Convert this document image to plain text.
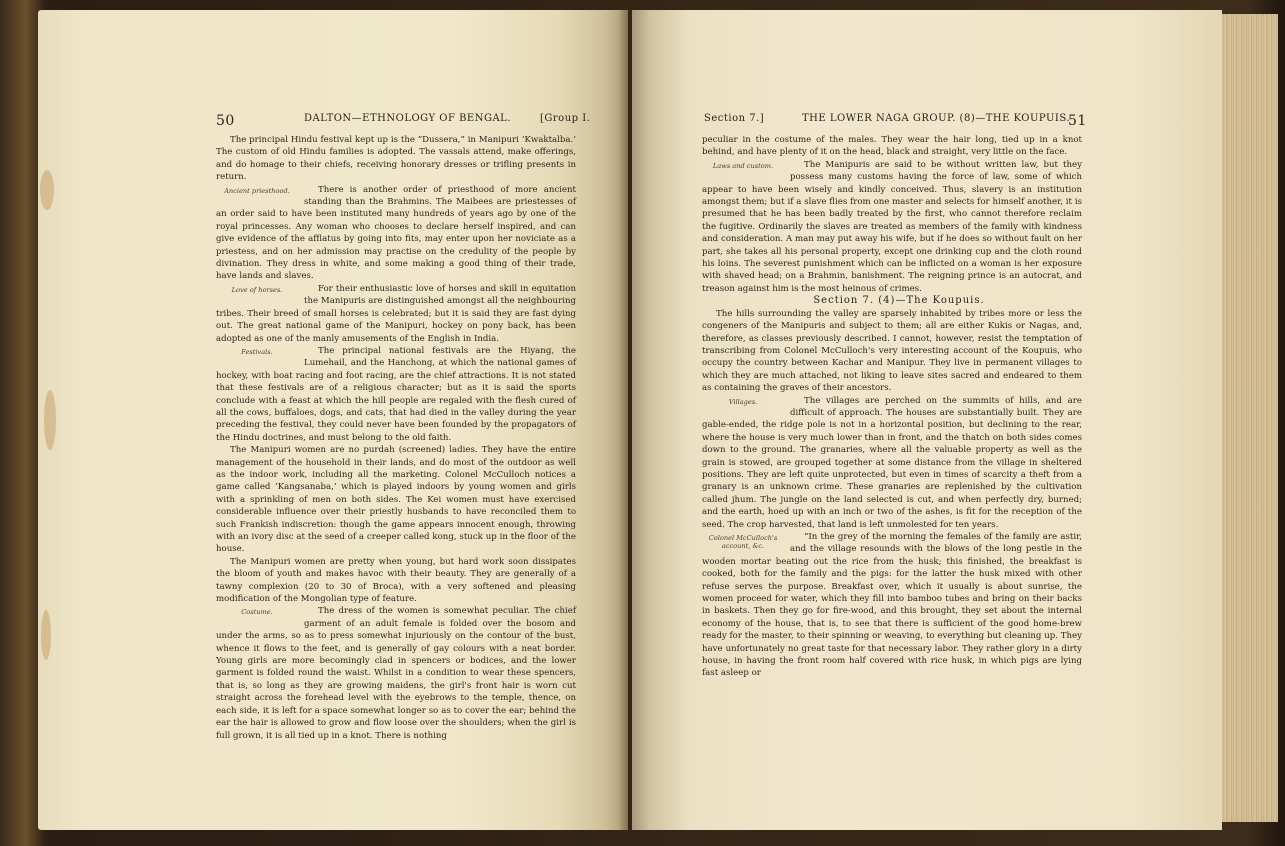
50	DALTON—ETHNOLOGY OF BENGAL.	[Group I.

The principal Hindu festival kept up is the “Dussera,” in Manipuri ‘Kwaktalba.’ The custom of old Hindu families is adopted. The vassals attend, make offerings, and do homage to their chiefs, receiving honorary dresses or trifling presents in return.

Ancient priesthood.	There is another order of priesthood of more ancient standing than the Brahmins. The Maibees are priestesses of an order said to have been instituted many hundreds of years ago by one of the royal princesses. Any woman who chooses to declare herself inspired, and can give evidence of the afflatus by going into fits, may enter upon her noviciate as a priestess, and on her admission may practise on the credulity of the people by divination. They dress in white, and some making a good thing of their trade, have lands and slaves.

Love of horses.	For their enthusiastic love of horses and skill in equitation the Manipuris are distinguished amongst all the neighbouring tribes. Their breed of small horses is celebrated; but it is said they are fast dying out. The great national game of the Manipuri, hockey on pony back, has been adopted as one of the manly amusements of the English in India.

Festivals.	The principal national festivals are the Hiyang, the Lumehail, and the Hanchong, at which the national games of hockey, with boat racing and foot racing, are the chief attractions. It is not stated that these festivals are of a religious character; but as it is said the sports conclude with a feast at which the hill people are regaled with the flesh cured of all the cows, buffaloes, dogs, and cats, that had died in the valley during the year preceding the festival, they could never have been founded by the propagators of the Hindu doctrines, and must belong to the old faith.

The Manipuri women are no purdah (screened) ladies. They have the entire management of the household in their lands, and do most of the outdoor as well as the indoor work, including all the marketing. Colonel McCulloch notices a game called ‘Kangsanaba,’ which is played indoors by young women and girls with a sprinkling of men on both sides. The Kei women must have exercised considerable influence over their priestly husbands to have reconciled them to such Frankish indiscretion: though the game appears innocent enough, throwing with an ivory disc at the seed of a creeper called kong, stuck up in the floor of the house.

The Manipuri women are pretty when young, but hard work soon dissipates the bloom of youth and makes havoc with their beauty. They are generally of a tawny complexion (20 to 30 of Broca), with a very softened and pleasing modification of the Mongolian type of feature.

Costume.	The dress of the women is somewhat peculiar. The chief garment of an adult female is folded over the bosom and under the arms, so as to press somewhat injuriously on the contour of the bust, whence it flows to the feet, and is generally of gay colours with a neat border. Young girls are more becomingly clad in spencers or bodices, and the lower garment is folded round the waist. Whilst in a condition to wear these spencers, that is, so long as they are growing maidens, the girl's front hair is worn cut straight across the forehead level with the eyebrows to the temple, thence, on each side, it is left for a space somewhat longer so as to cover the ear; behind the ear the hair is allowed to grow and flow loose over the shoulders; when the girl is full grown, it is all tied up in a knot. There is nothing

Section 7.]	THE LOWER NAGA GROUP. (8)—THE KOUPUIS.
51

peculiar in the costume of the males. They wear the hair long, tied up in a knot behind, and have plenty of it on the head, black and straight, very little on the face.

Laws and custom.	The Manipuris are said to be without written law, but they possess many customs having the force of law, some of which appear to have been wisely and kindly conceived. Thus, slavery is an institution amongst them; but if a slave flies from one master and selects for himself another, it is presumed that he has been badly treated by the first, who cannot therefore reclaim the fugitive. Ordinarily the slaves are treated as members of the family with kindness and consideration. A man may put away his wife, but if he does so without fault on her part, she takes all his personal property, except one drinking cup and the cloth round his loins. The severest punishment which can be inflicted on a woman is her exposure with shaved head; on a Brahmin, banishment. The reigning prince is an autocrat, and treason against him is the most heinous of crimes.

Section 7. (4)—The Koupuis.

The hills surrounding the valley are sparsely inhabited by tribes more or less the congeners of the Manipuris and subject to them; all are either Kukis or Nagas, and, therefore, as classes previously described. I cannot, however, resist the temptation of transcribing from Colonel McCulloch's very interesting account of the Koupuis, who occupy the country between Kachar and Manipur. They live in permanent villages to which they are much attached, not liking to leave sites sacred and endeared to them as containing the graves of their ancestors.

Villages.	The villages are perched on the summits of hills, and are difficult of approach. The houses are substantially built. They are gable-ended, the ridge pole is not in a horizontal position, but declining to the rear, where the house is very much lower than in front, and the thatch on both sides comes down to the ground. The granaries, where all the valuable property as well as the grain is stowed, are grouped together at some distance from the village in sheltered positions. They are left quite unprotected, but even in times of scarcity a theft from a granary is an unknown crime. These granaries are replenished by the cultivation called jhum. The jungle on the land selected is cut, and when perfectly dry, burned; and the earth, hoed up with an inch or two of the ashes, is fit for the reception of the seed. The crop harvested, that land is left unmolested for ten years.

Colonel McCulloch's account, &c.
“In the grey of the morning the females of the family are astir, and the village resounds with the blows of the long pestle in the wooden mortar beating out the rice from the husk; this finished, the breakfast is cooked, both for the family and the pigs: for the latter the husk mixed with other refuse serves the purpose. Breakfast over, which it usually is about sunrise, the women proceed for water, which they fill into bamboo tubes and bring on their backs in baskets. Then they go for fire-wood, and this brought, they set about the internal economy of the house, that is, to see that there is sufficient of the good home-brew ready for the master, to their spinning or weaving, to everything but cleaning up. They have unfortunately no great taste for that necessary labor. They rather glory in a dirty house, in having the front room half covered with rice husk, in which pigs are lying fast asleep or
